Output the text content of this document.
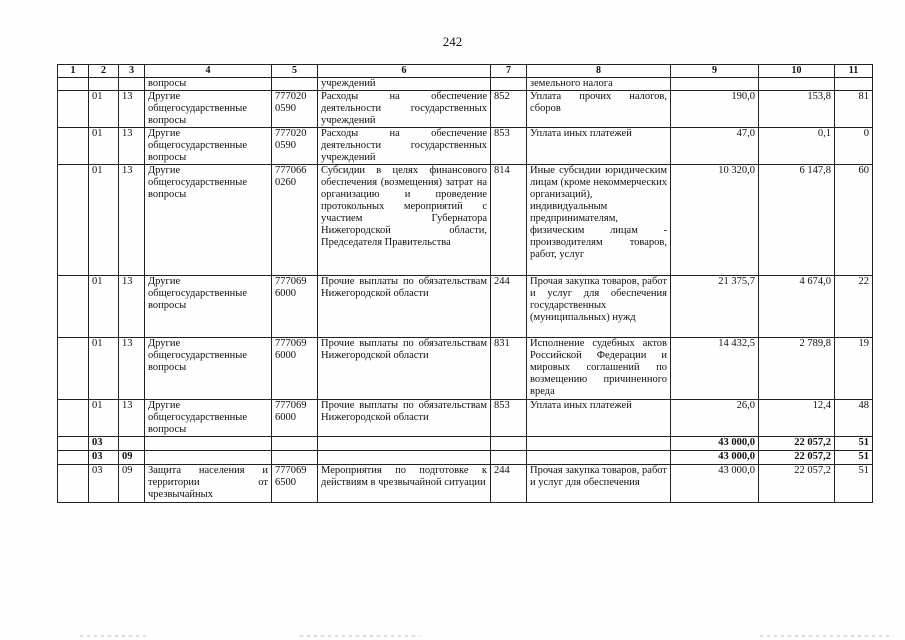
242
1	2	3	4	5	6	7	8	9	10	11
			вопросы		учреждений		земельного налога			
	01	13	Другие общегосударственные вопросы	777020 0590	Расходы на обеспечение деятельности государственных учреждений	852	Уплата прочих налогов, сборов	190,0	153,8	81
	01	13	Другие общегосударственные вопросы	777020 0590	Расходы на обеспечение деятельности государственных учреждений	853	Уплата иных платежей	47,0	0,1	0
	01	13	Другие общегосударственные вопросы	777066 0260	Субсидии в целях финансового обеспечения (возмещения) затрат на организацию и проведение протокольных мероприятий с участием Губернатора Нижегородской области, Председателя Правительства	814	Иные субсидии юридическим лицам (кроме некоммерческих организаций), индивидуальным предпринимателям, физическим лицам - производителям товаров, работ, услуг	10 320,0	6 147,8	60
	01	13	Другие общегосударственные вопросы	777069 6000	Прочие выплаты по обязательствам Нижегородской области	244	Прочая закупка товаров, работ и услуг для обеспечения государственных (муниципальных) нужд	21 375,7	4 674,0	22
	01	13	Другие общегосударственные вопросы	777069 6000	Прочие выплаты по обязательствам Нижегородской области	831	Исполнение судебных актов Российской Федерации и мировых соглашений по возмещению причиненного вреда	14 432,5	2 789,8	19
	01	13	Другие общегосударственные вопросы	777069 6000	Прочие выплаты по обязательствам Нижегородской области	853	Уплата иных платежей	26,0	12,4	48
	03							43 000,0	22 057,2	51
	03	09						43 000,0	22 057,2	51
	03	09	Защита населения и территории от чрезвычайных	777069 6500	Мероприятия по подготовке к действиям в чрезвычайной ситуации	244	Прочая закупка товаров, работ и услуг для обеспечения	43 000,0	22 057,2	51
